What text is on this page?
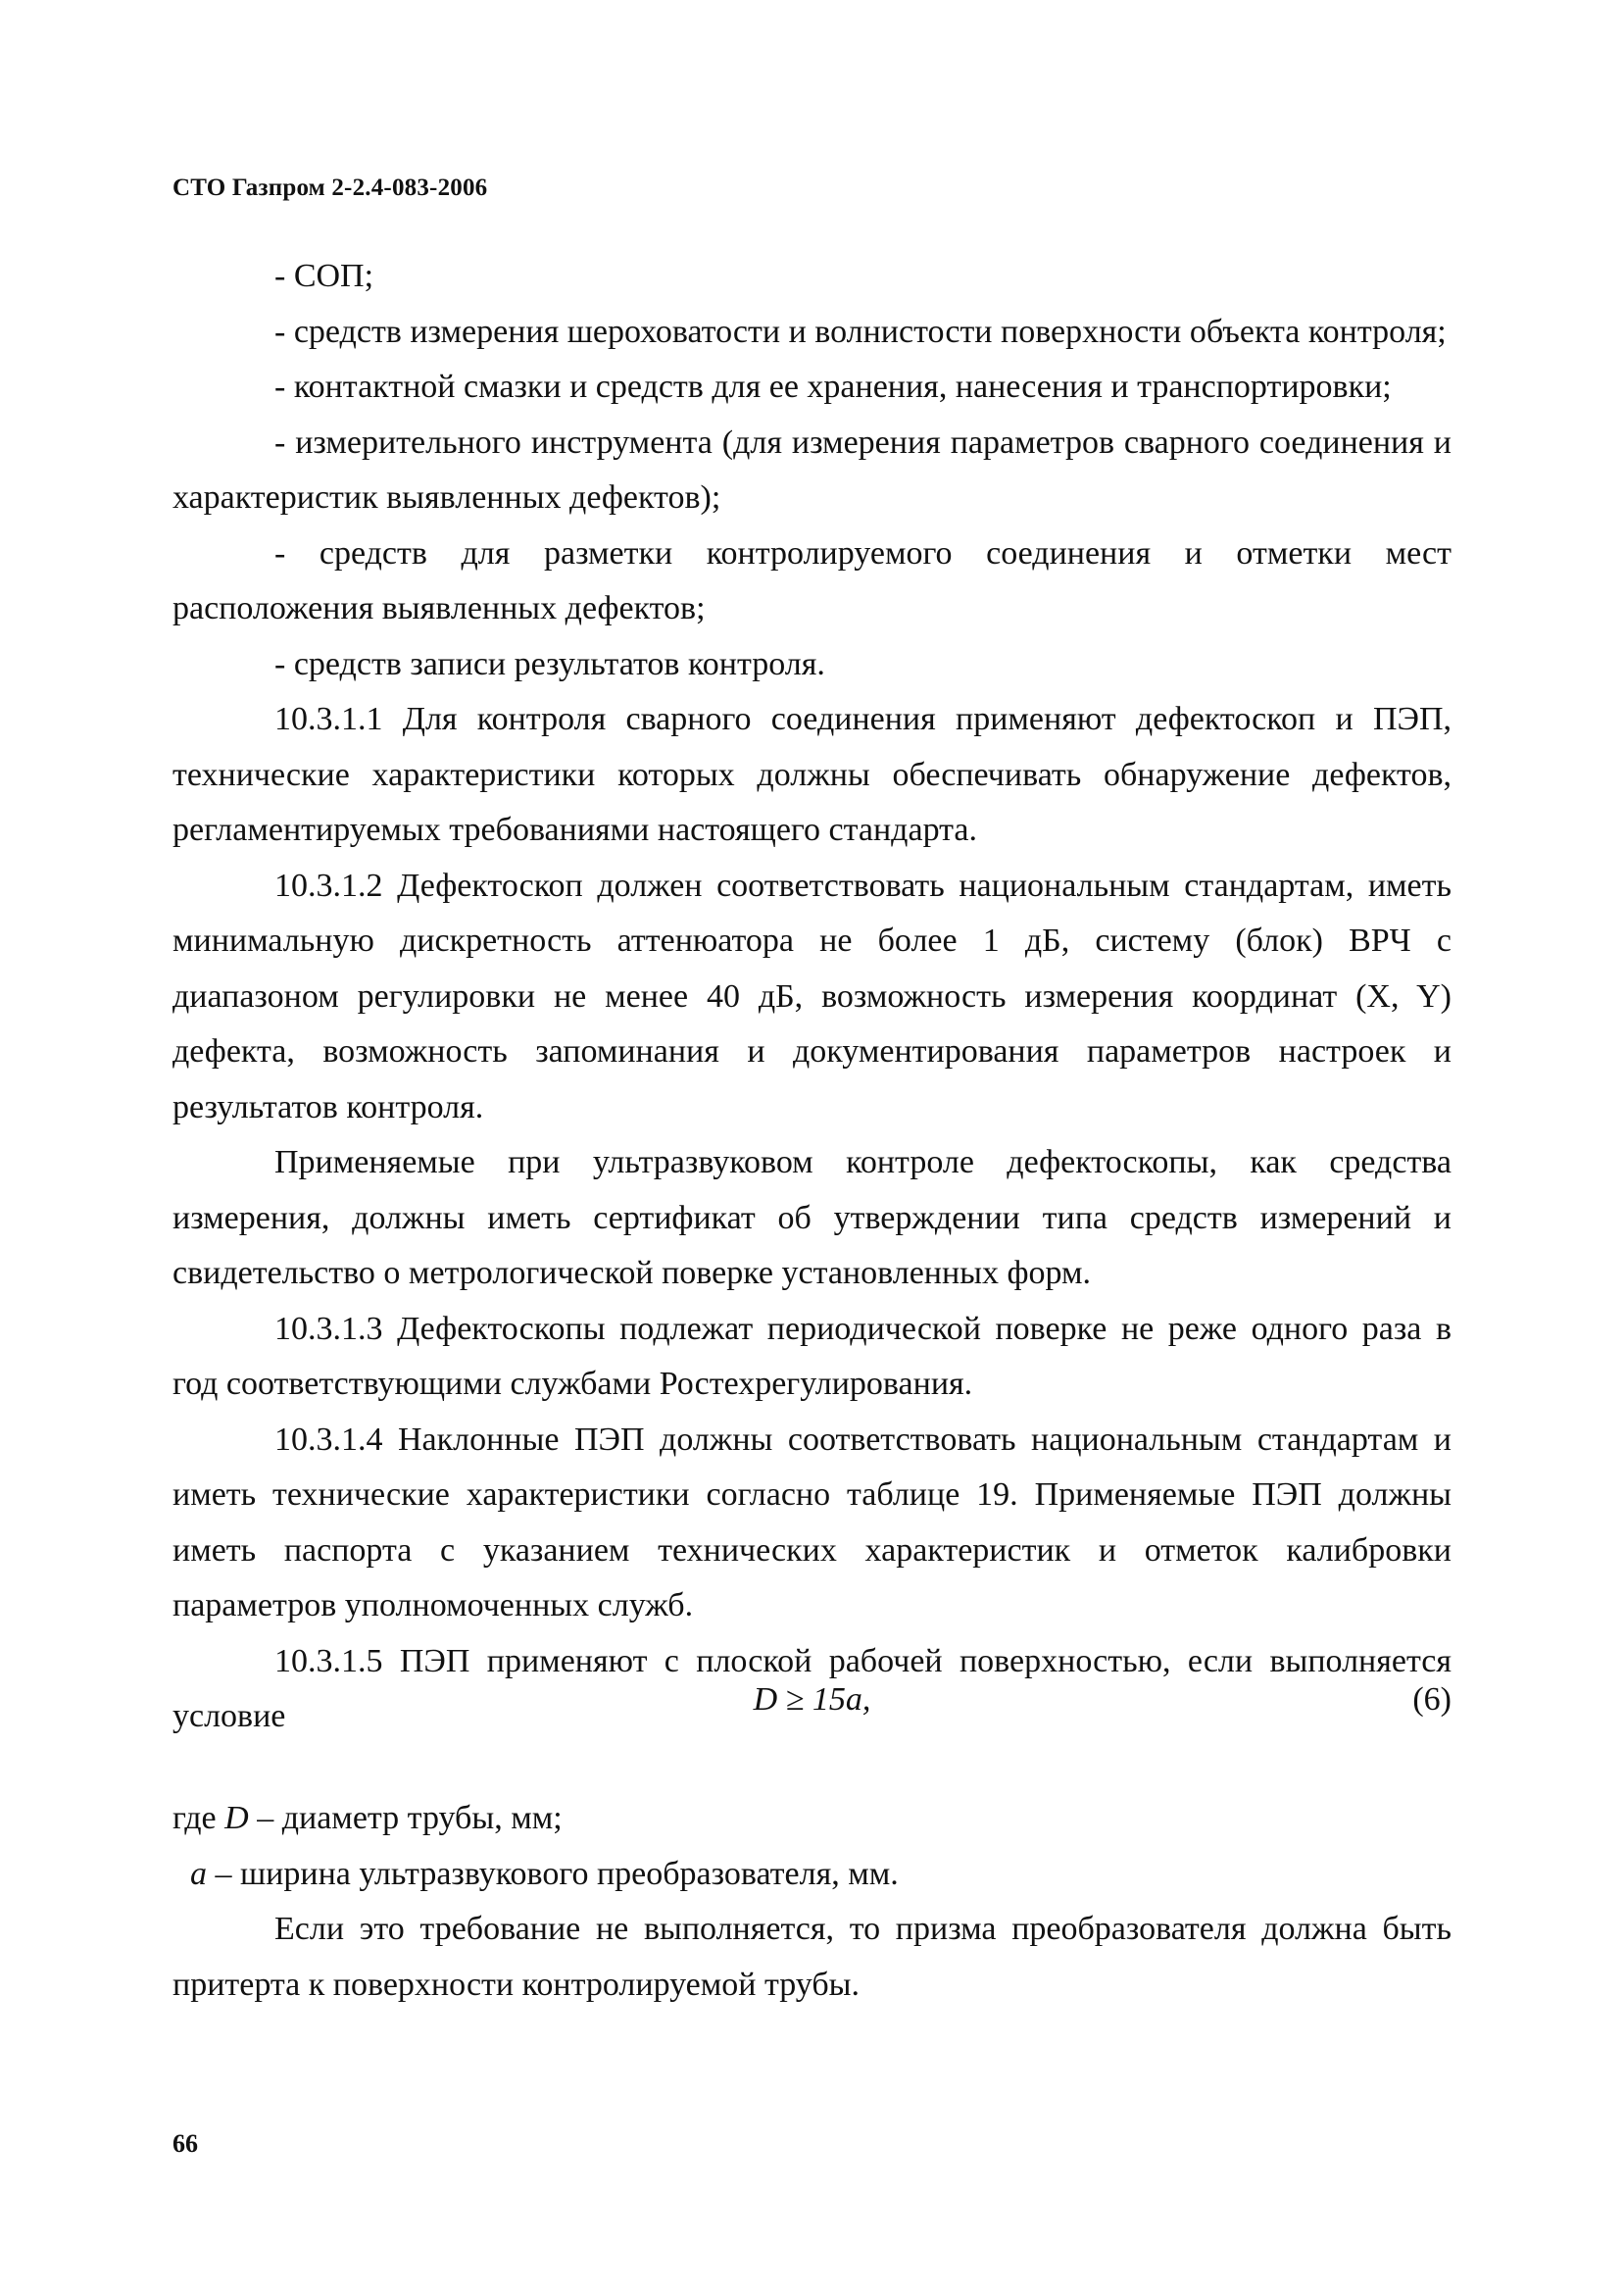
СТО Газпром 2-2.4-083-2006

- СОП;

- средств измерения шероховатости и волнистости поверхности объекта контроля;

- контактной смазки и средств для ее хранения, нанесения и транспортировки;

- измерительного инструмента (для измерения параметров сварного соединения и характеристик выявленных дефектов);

- средств для разметки контролируемого соединения и отметки мест расположения выявленных дефектов;

- средств записи результатов контроля.

10.3.1.1 Для контроля сварного соединения применяют дефектоскоп и ПЭП, технические характеристики которых должны обеспечивать обнаружение дефектов, регламентируемых требованиями настоящего стандарта.

10.3.1.2 Дефектоскоп должен соответствовать национальным стандартам, иметь минимальную дискретность аттенюатора не более 1 дБ, систему (блок) ВРЧ с диапазоном регулировки не менее 40 дБ, возможность измерения координат (X, Y) дефекта, возможность запоминания и документирования параметров настроек и результатов контроля.

Применяемые при ультразвуковом контроле дефектоскопы, как средства измерения, должны иметь сертификат об утверждении типа средств измерений и свидетельство о метрологической поверке установленных форм.

10.3.1.3 Дефектоскопы подлежат периодической поверке не реже одного раза в год соответствующими службами Ростехрегулирования.

10.3.1.4 Наклонные ПЭП должны соответствовать национальным стандартам и иметь технические характеристики согласно таблице 19. Применяемые ПЭП должны иметь паспорта с указанием технических характеристик и отметок калибровки параметров уполномоченных служб.

10.3.1.5 ПЭП применяют с плоской рабочей поверхностью, если выполняется условие	D ≥ 15a,	(6)

где D – диаметр трубы, мм;

a – ширина ультразвукового преобразователя, мм.

Если это требование не выполняется, то призма преобразователя должна быть притерта к поверхности контролируемой трубы.

66
